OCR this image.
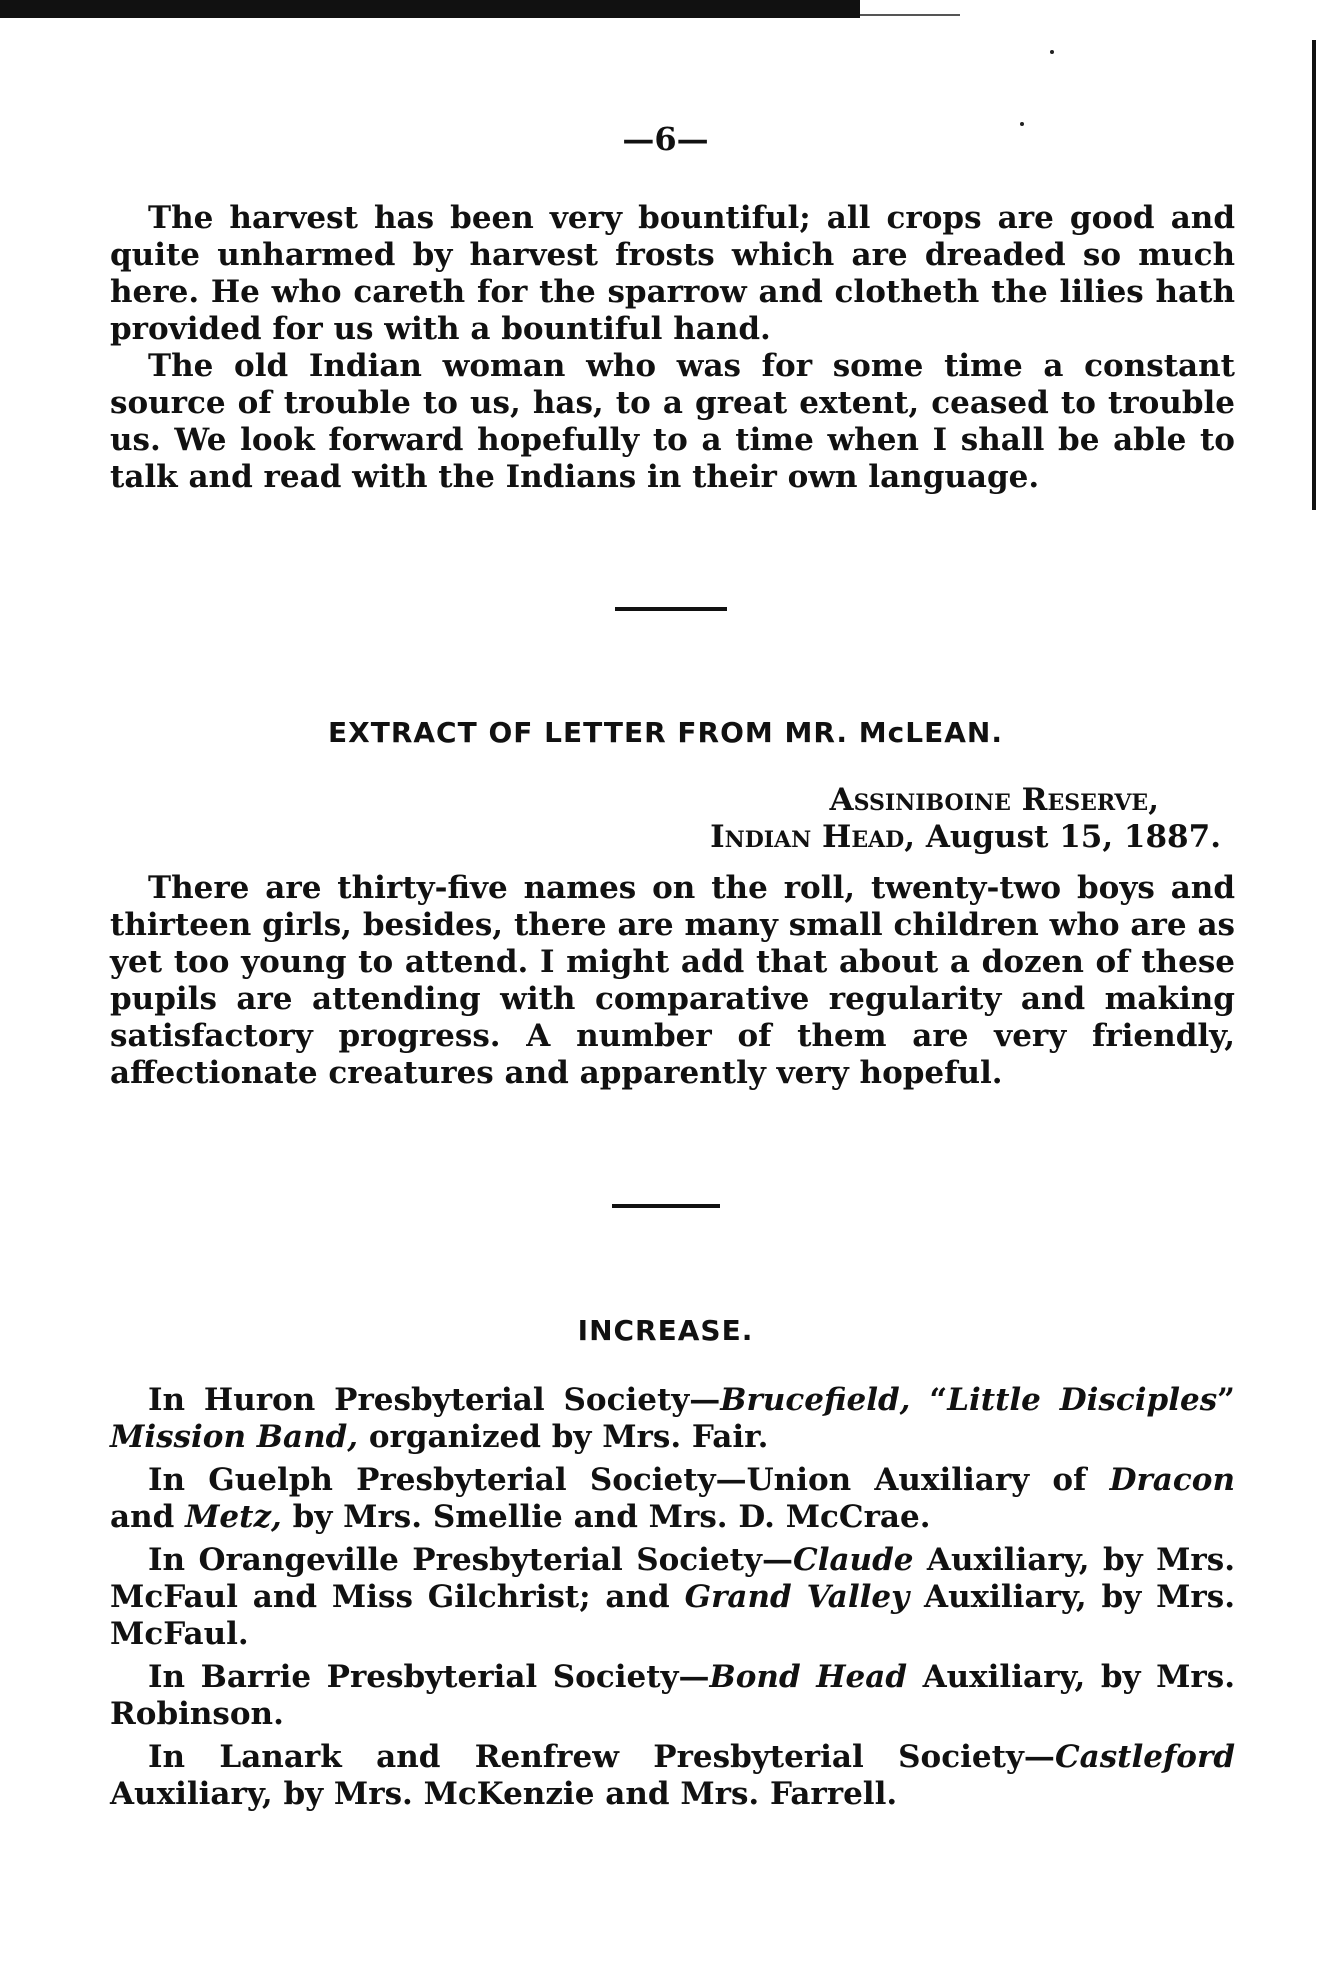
—6—

The harvest has been very bountiful; all crops are good and quite unharmed by harvest frosts which are dreaded so much here. He who careth for the sparrow and clotheth the lilies hath provided for us with a bountiful hand.

The old Indian woman who was for some time a constant source of trouble to us, has, to a great extent, ceased to trouble us. We look forward hopefully to a time when I shall be able to talk and read with the Indians in their own language.

EXTRACT OF LETTER FROM MR. McLEAN.
Assiniboine Reserve,
Indian Head, August 15, 1887.

There are thirty-five names on the roll, twenty-two boys and thirteen girls, besides, there are many small children who are as yet too young to attend. I might add that about a dozen of these pupils are attending with comparative regularity and making satisfactory progress. A number of them are very friendly, affectionate creatures and apparently very hopeful.

INCREASE.

In Huron Presbyterial Society—Brucefield, “Little Disciples” Mission Band, organized by Mrs. Fair.

In Guelph Presbyterial Society—Union Auxiliary of Dracon and Metz, by Mrs. Smellie and Mrs. D. McCrae.

In Orangeville Presbyterial Society—Claude Auxiliary, by Mrs. McFaul and Miss Gilchrist; and Grand Valley Auxiliary, by Mrs. McFaul.

In Barrie Presbyterial Society—Bond Head Auxiliary, by Mrs. Robinson.

In Lanark and Renfrew Presbyterial Society—Castleford Auxiliary, by Mrs. McKenzie and Mrs. Farrell.
